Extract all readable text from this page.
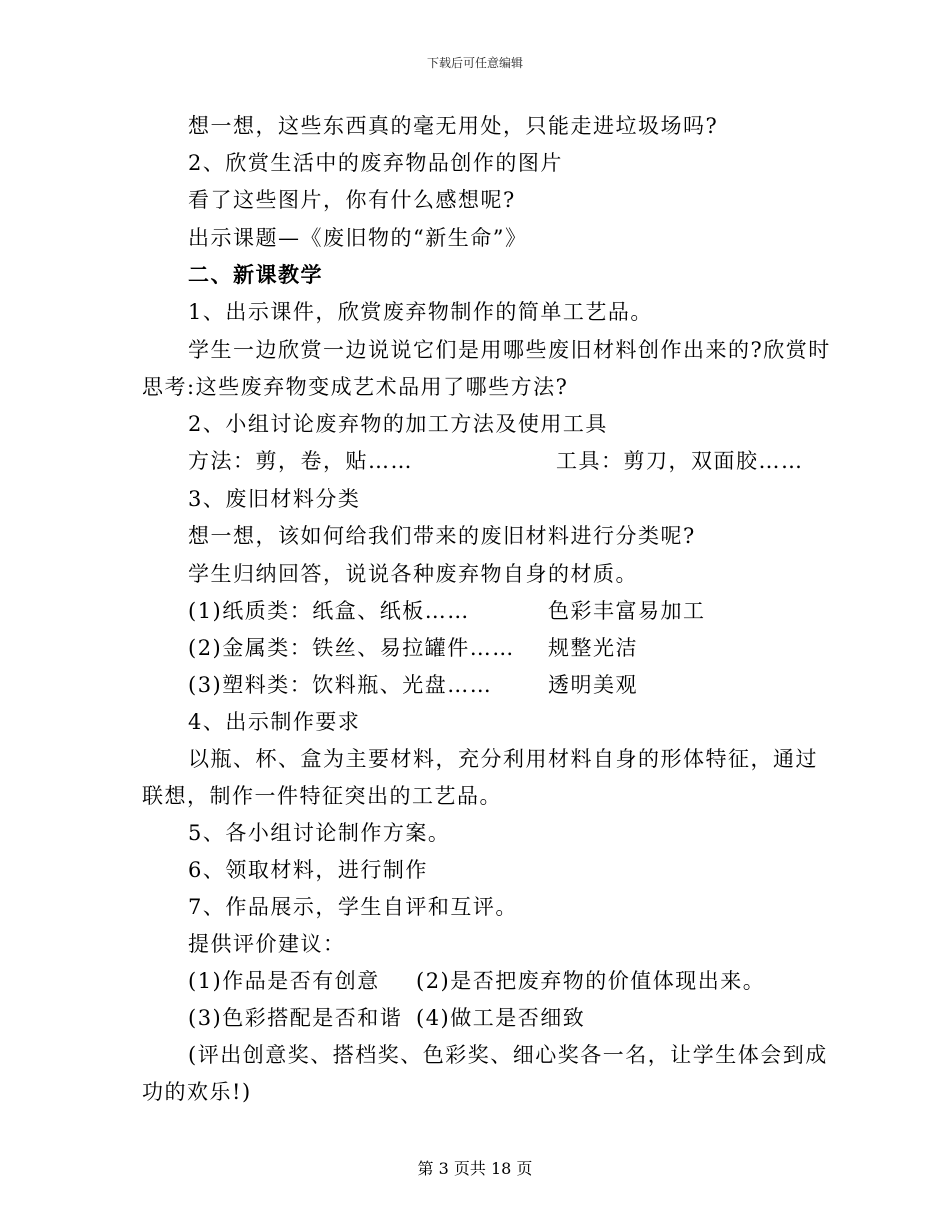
下载后可任意编辑
想一想，这些东西真的毫无用处，只能走进垃圾场吗?
2、欣赏生活中的废弃物品创作的图片
看了这些图片，你有什么感想呢?
出示课题—《废旧物的“新生命”》
二、新课教学
1、出示课件，欣赏废弃物制作的简单工艺品。
学生一边欣赏一边说说它们是用哪些废旧材料创作出来的?欣赏时
思考:这些废弃物变成艺术品用了哪些方法?
2、小组讨论废弃物的加工方法及使用工具
方法：剪，卷，贴……	工具：剪刀，双面胶……
3、废旧材料分类
想一想，该如何给我们带来的废旧材料进行分类呢?
学生归纳回答，说说各种废弃物自身的材质。
(1)纸质类：纸盒、纸板……	色彩丰富易加工
(2)金属类：铁丝、易拉罐件…… 规整光洁
(3)塑料类：饮料瓶、光盘……	透明美观
4、出示制作要求
以瓶、杯、盒为主要材料，充分利用材料自身的形体特征，通过
联想，制作一件特征突出的工艺品。
5、各小组讨论制作方案。
6、领取材料，进行制作
7、作品展示，学生自评和互评。
提供评价建议：
(1)作品是否有创意 (2)是否把废弃物的价值体现出来。
(3)色彩搭配是否和谐 (4)做工是否细致
(评出创意奖、搭档奖、色彩奖、细心奖各一名，让学生体会到成
功的欢乐!)
第 3 页共 18 页
